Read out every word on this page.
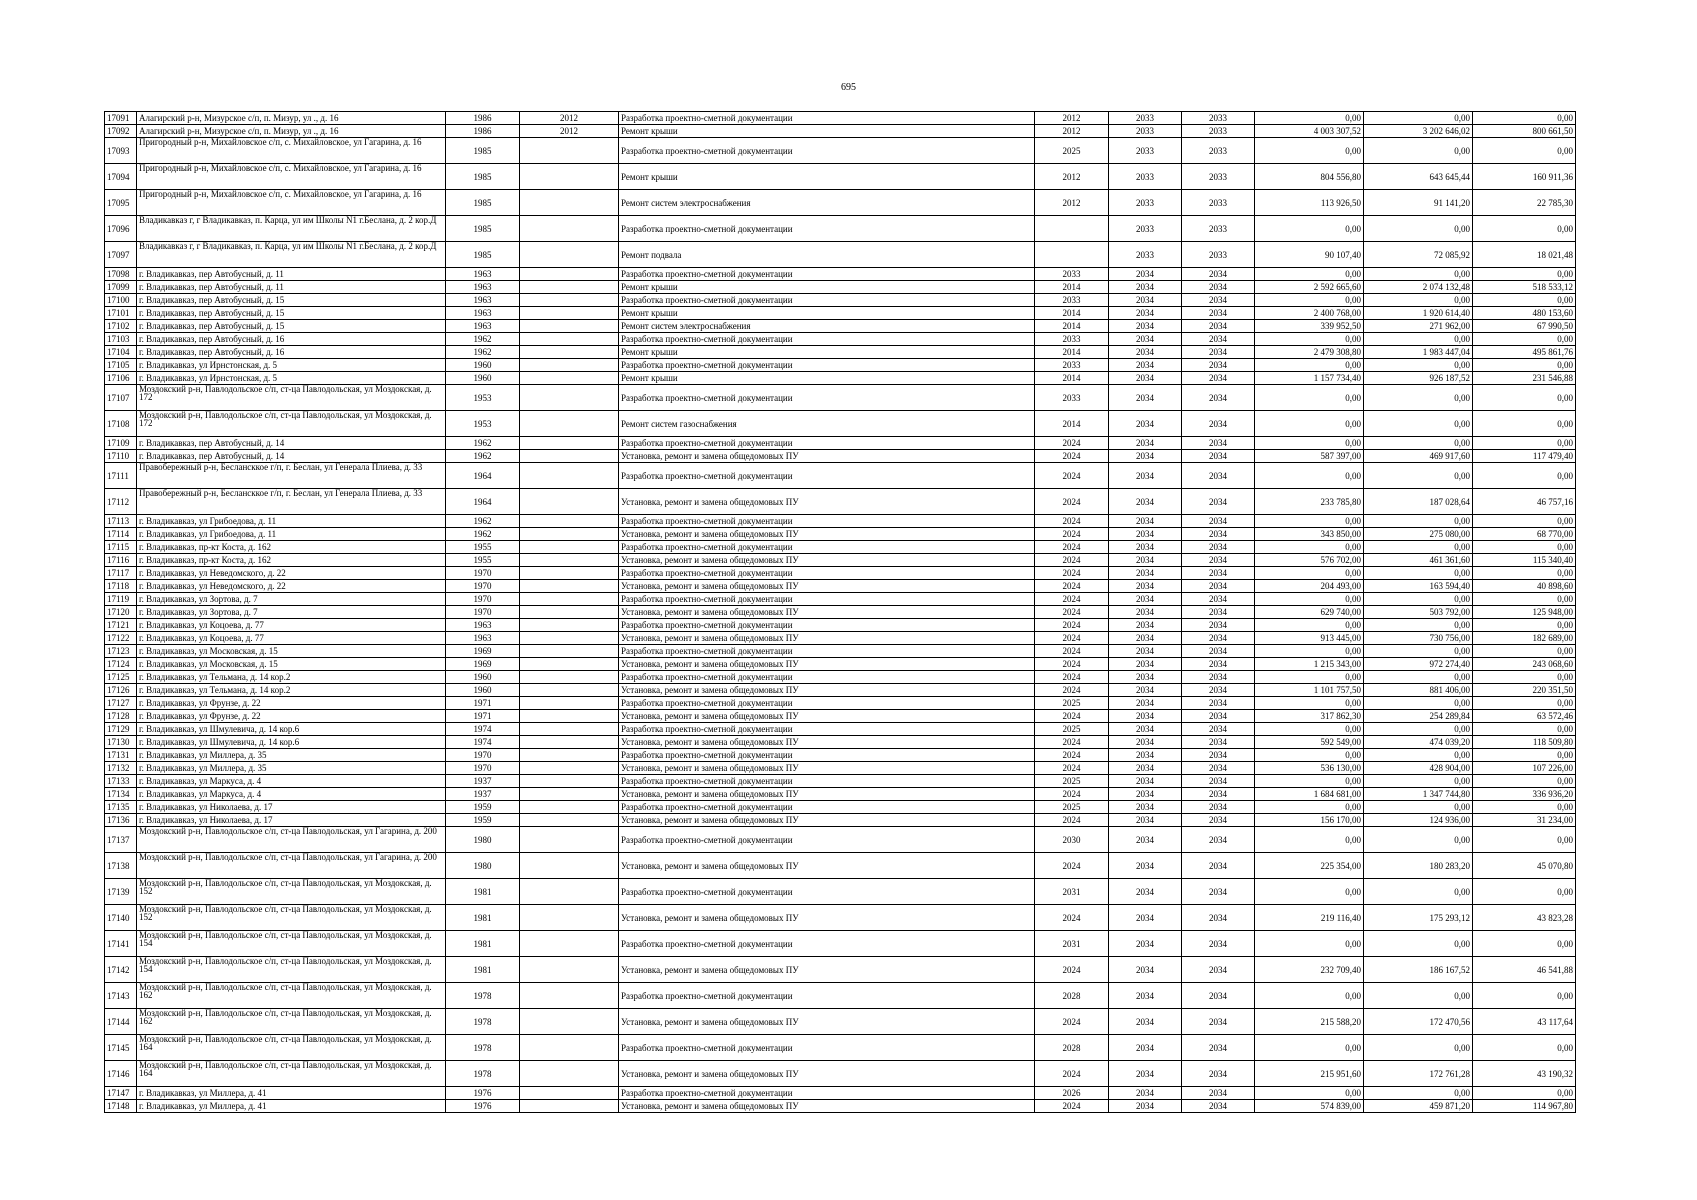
695
17091	Алагирский р-н, Мизурское с/п, п. Мизур, ул ., д. 16	1986	2012	Разработка проектно-сметной документации	2012	2033	2033	0,00	0,00	0,00
17092	Алагирский р-н, Мизурское с/п, п. Мизур, ул ., д. 16	1986	2012	Ремонт крыши	2012	2033	2033	4 003 307,52	3 202 646,02	800 661,50
17093	Пригородный р-н, Михайловское с/п, с. Михайловское, ул Гагарина, д. 16	1985		Разработка проектно-сметной документации	2025	2033	2033	0,00	0,00	0,00
17094	Пригородный р-н, Михайловское с/п, с. Михайловское, ул Гагарина, д. 16	1985		Ремонт крыши	2012	2033	2033	804 556,80	643 645,44	160 911,36
17095	Пригородный р-н, Михайловское с/п, с. Михайловское, ул Гагарина, д. 16	1985		Ремонт систем электроснабжения	2012	2033	2033	113 926,50	91 141,20	22 785,30
17096	Владикавказ г, г Владикавказ, п. Карца, ул им Школы N1 г.Беслана, д. 2 кор.Д	1985		Разработка проектно-сметной документации		2033	2033	0,00	0,00	0,00
17097	Владикавказ г, г Владикавказ, п. Карца, ул им Школы N1 г.Беслана, д. 2 кор.Д	1985		Ремонт подвала		2033	2033	90 107,40	72 085,92	18 021,48
17098	г. Владикавказ, пер Автобусный, д. 11	1963		Разработка проектно-сметной документации	2033	2034	2034	0,00	0,00	0,00
17099	г. Владикавказ, пер Автобусный, д. 11	1963		Ремонт крыши	2014	2034	2034	2 592 665,60	2 074 132,48	518 533,12
17100	г. Владикавказ, пер Автобусный, д. 15	1963		Разработка проектно-сметной документации	2033	2034	2034	0,00	0,00	0,00
17101	г. Владикавказ, пер Автобусный, д. 15	1963		Ремонт крыши	2014	2034	2034	2 400 768,00	1 920 614,40	480 153,60
17102	г. Владикавказ, пер Автобусный, д. 15	1963		Ремонт систем электроснабжения	2014	2034	2034	339 952,50	271 962,00	67 990,50
17103	г. Владикавказ, пер Автобусный, д. 16	1962		Разработка проектно-сметной документации	2033	2034	2034	0,00	0,00	0,00
17104	г. Владикавказ, пер Автобусный, д. 16	1962		Ремонт крыши	2014	2034	2034	2 479 308,80	1 983 447,04	495 861,76
17105	г. Владикавказ, ул Ирнстонская, д. 5	1960		Разработка проектно-сметной документации	2033	2034	2034	0,00	0,00	0,00
17106	г. Владикавказ, ул Ирнстонская, д. 5	1960		Ремонт крыши	2014	2034	2034	1 157 734,40	926 187,52	231 546,88
17107	Моздокский р-н, Павлодольское с/п, ст-ца Павлодольская, ул Моздокская, д. 172	1953		Разработка проектно-сметной документации	2033	2034	2034	0,00	0,00	0,00
17108	Моздокский р-н, Павлодольское с/п, ст-ца Павлодольская, ул Моздокская, д. 172	1953		Ремонт систем газоснабжения	2014	2034	2034	0,00	0,00	0,00
17109	г. Владикавказ, пер Автобусный, д. 14	1962		Разработка проектно-сметной документации	2024	2034	2034	0,00	0,00	0,00
17110	г. Владикавказ, пер Автобусный, д. 14	1962		Установка, ремонт и замена общедомовых ПУ	2024	2034	2034	587 397,00	469 917,60	117 479,40
17111	Правобережный р-н, Беслансккое г/п, г. Беслан, ул Генерала Плиева, д. 33	1964		Разработка проектно-сметной документации	2024	2034	2034	0,00	0,00	0,00
17112	Правобережный р-н, Беслансккое г/п, г. Беслан, ул Генерала Плиева, д. 33	1964		Установка, ремонт и замена общедомовых ПУ	2024	2034	2034	233 785,80	187 028,64	46 757,16
17113	г. Владикавказ, ул Грибоедова, д. 11	1962		Разработка проектно-сметной документации	2024	2034	2034	0,00	0,00	0,00
17114	г. Владикавказ, ул Грибоедова, д. 11	1962		Установка, ремонт и замена общедомовых ПУ	2024	2034	2034	343 850,00	275 080,00	68 770,00
17115	г. Владикавказ, пр-кт Коста, д. 162	1955		Разработка проектно-сметной документации	2024	2034	2034	0,00	0,00	0,00
17116	г. Владикавказ, пр-кт Коста, д. 162	1955		Установка, ремонт и замена общедомовых ПУ	2024	2034	2034	576 702,00	461 361,60	115 340,40
17117	г. Владикавказ, ул Неведомского, д. 22	1970		Разработка проектно-сметной документации	2024	2034	2034	0,00	0,00	0,00
17118	г. Владикавказ, ул Неведомского, д. 22	1970		Установка, ремонт и замена общедомовых ПУ	2024	2034	2034	204 493,00	163 594,40	40 898,60
17119	г. Владикавказ, ул Зортова, д. 7	1970		Разработка проектно-сметной документации	2024	2034	2034	0,00	0,00	0,00
17120	г. Владикавказ, ул Зортова, д. 7	1970		Установка, ремонт и замена общедомовых ПУ	2024	2034	2034	629 740,00	503 792,00	125 948,00
17121	г. Владикавказ, ул Коцоева, д. 77	1963		Разработка проектно-сметной документации	2024	2034	2034	0,00	0,00	0,00
17122	г. Владикавказ, ул Коцоева, д. 77	1963		Установка, ремонт и замена общедомовых ПУ	2024	2034	2034	913 445,00	730 756,00	182 689,00
17123	г. Владикавказ, ул Московская, д. 15	1969		Разработка проектно-сметной документации	2024	2034	2034	0,00	0,00	0,00
17124	г. Владикавказ, ул Московская, д. 15	1969		Установка, ремонт и замена общедомовых ПУ	2024	2034	2034	1 215 343,00	972 274,40	243 068,60
17125	г. Владикавказ, ул Тельмана, д. 14 кор.2	1960		Разработка проектно-сметной документации	2024	2034	2034	0,00	0,00	0,00
17126	г. Владикавказ, ул Тельмана, д. 14 кор.2	1960		Установка, ремонт и замена общедомовых ПУ	2024	2034	2034	1 101 757,50	881 406,00	220 351,50
17127	г. Владикавказ, ул Фрунзе, д. 22	1971		Разработка проектно-сметной документации	2025	2034	2034	0,00	0,00	0,00
17128	г. Владикавказ, ул Фрунзе, д. 22	1971		Установка, ремонт и замена общедомовых ПУ	2024	2034	2034	317 862,30	254 289,84	63 572,46
17129	г. Владикавказ, ул Шмулевича, д. 14 кор.6	1974		Разработка проектно-сметной документации	2025	2034	2034	0,00	0,00	0,00
17130	г. Владикавказ, ул Шмулевича, д. 14 кор.6	1974		Установка, ремонт и замена общедомовых ПУ	2024	2034	2034	592 549,00	474 039,20	118 509,80
17131	г. Владикавказ, ул Миллера, д. 35	1970		Разработка проектно-сметной документации	2024	2034	2034	0,00	0,00	0,00
17132	г. Владикавказ, ул Миллера, д. 35	1970		Установка, ремонт и замена общедомовых ПУ	2024	2034	2034	536 130,00	428 904,00	107 226,00
17133	г. Владикавказ, ул Маркуса, д. 4	1937		Разработка проектно-сметной документации	2025	2034	2034	0,00	0,00	0,00
17134	г. Владикавказ, ул Маркуса, д. 4	1937		Установка, ремонт и замена общедомовых ПУ	2024	2034	2034	1 684 681,00	1 347 744,80	336 936,20
17135	г. Владикавказ, ул Николаева, д. 17	1959		Разработка проектно-сметной документации	2025	2034	2034	0,00	0,00	0,00
17136	г. Владикавказ, ул Николаева, д. 17	1959		Установка, ремонт и замена общедомовых ПУ	2024	2034	2034	156 170,00	124 936,00	31 234,00
17137	Моздокский р-н, Павлодольское с/п, ст-ца Павлодольская, ул Гагарина, д. 200	1980		Разработка проектно-сметной документации	2030	2034	2034	0,00	0,00	0,00
17138	Моздокский р-н, Павлодольское с/п, ст-ца Павлодольская, ул Гагарина, д. 200	1980		Установка, ремонт и замена общедомовых ПУ	2024	2034	2034	225 354,00	180 283,20	45 070,80
17139	Моздокский р-н, Павлодольское с/п, ст-ца Павлодольская, ул Моздокская, д. 152	1981		Разработка проектно-сметной документации	2031	2034	2034	0,00	0,00	0,00
17140	Моздокский р-н, Павлодольское с/п, ст-ца Павлодольская, ул Моздокская, д. 152	1981		Установка, ремонт и замена общедомовых ПУ	2024	2034	2034	219 116,40	175 293,12	43 823,28
17141	Моздокский р-н, Павлодольское с/п, ст-ца Павлодольская, ул Моздокская, д. 154	1981		Разработка проектно-сметной документации	2031	2034	2034	0,00	0,00	0,00
17142	Моздокский р-н, Павлодольское с/п, ст-ца Павлодольская, ул Моздокская, д. 154	1981		Установка, ремонт и замена общедомовых ПУ	2024	2034	2034	232 709,40	186 167,52	46 541,88
17143	Моздокский р-н, Павлодольское с/п, ст-ца Павлодольская, ул Моздокская, д. 162	1978		Разработка проектно-сметной документации	2028	2034	2034	0,00	0,00	0,00
17144	Моздокский р-н, Павлодольское с/п, ст-ца Павлодольская, ул Моздокская, д. 162	1978		Установка, ремонт и замена общедомовых ПУ	2024	2034	2034	215 588,20	172 470,56	43 117,64
17145	Моздокский р-н, Павлодольское с/п, ст-ца Павлодольская, ул Моздокская, д. 164	1978		Разработка проектно-сметной документации	2028	2034	2034	0,00	0,00	0,00
17146	Моздокский р-н, Павлодольское с/п, ст-ца Павлодольская, ул Моздокская, д. 164	1978		Установка, ремонт и замена общедомовых ПУ	2024	2034	2034	215 951,60	172 761,28	43 190,32
17147	г. Владикавказ, ул Миллера, д. 41	1976		Разработка проектно-сметной документации	2026	2034	2034	0,00	0,00	0,00
17148	г. Владикавказ, ул Миллера, д. 41	1976		Установка, ремонт и замена общедомовых ПУ	2024	2034	2034	574 839,00	459 871,20	114 967,80
